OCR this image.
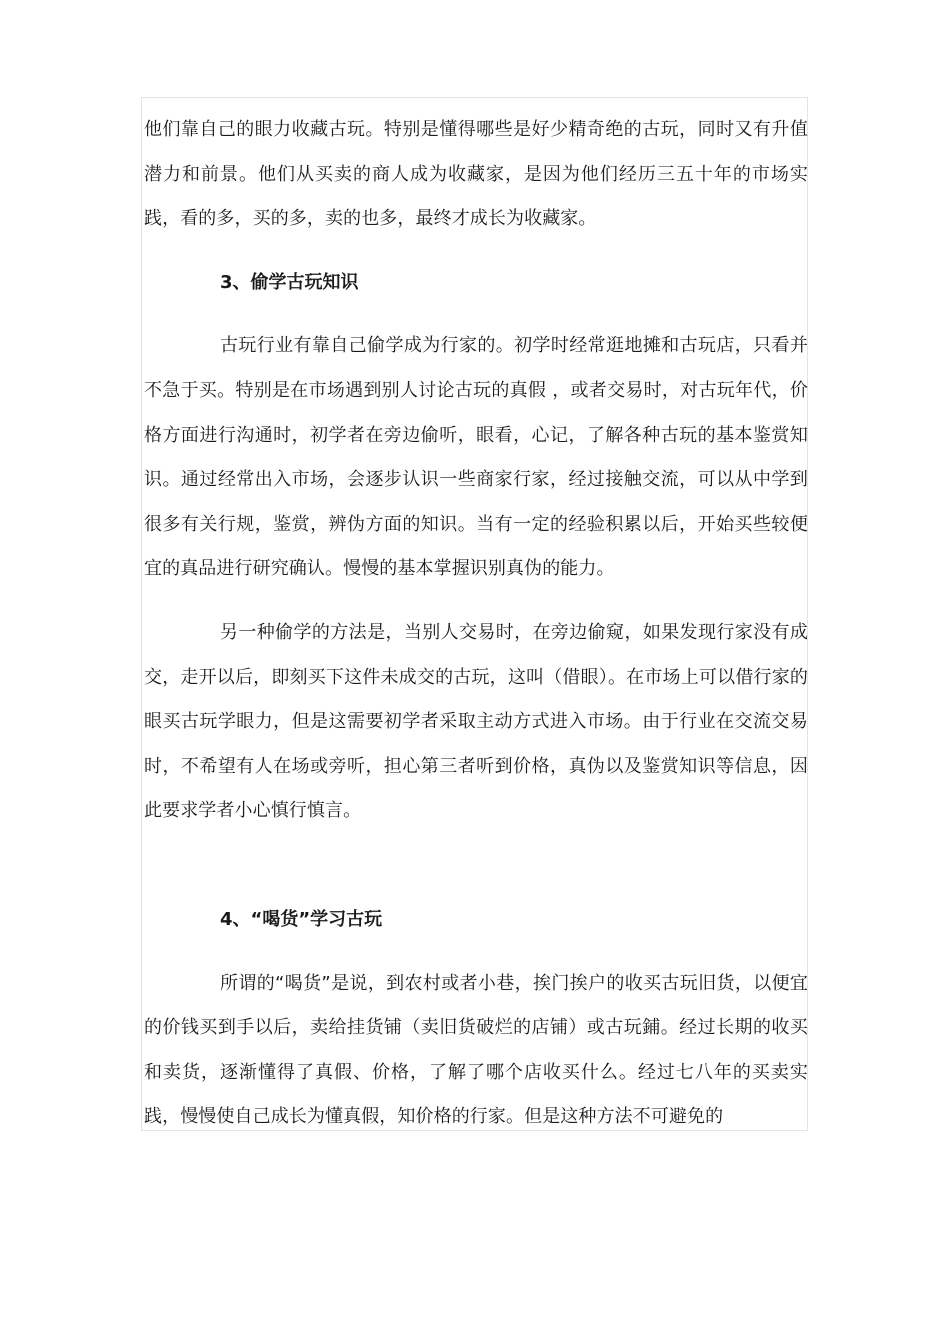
他们靠自己的眼力收藏古玩。特别是懂得哪些是好少精奇绝的古玩，同时又有升值潜力和前景。他们从买卖的商人成为收藏家，是因为他们经历三五十年的市场实践，看的多，买的多，卖的也多，最终才成长为收藏家。

3、偷学古玩知识

古玩行业有靠自己偷学成为行家的。初学时经常逛地摊和古玩店，只看并不急于买。特别是在市场遇到别人讨论古玩的真假 ，或者交易时，对古玩年代，价格方面进行沟通时，初学者在旁边偷听，眼看，心记，了解各种古玩的基本鉴赏知识。通过经常出入市场，会逐步认识一些商家行家，经过接触交流，可以从中学到很多有关行规，鉴赏，辨伪方面的知识。当有一定的经验积累以后，开始买些较便宜的真品进行研究确认。慢慢的基本掌握识别真伪的能力。

另一种偷学的方法是，当别人交易时，在旁边偷窥，如果发现行家没有成交，走开以后，即刻买下这件未成交的古玩，这叫（借眼）。在市场上可以借行家的眼买古玩学眼力，但是这需要初学者采取主动方式进入市场。由于行业在交流交易时，不希望有人在场或旁听，担心第三者听到价格，真伪以及鉴赏知识等信息，因此要求学者小心慎行慎言。

4、“喝货”学习古玩

所谓的“喝货”是说，到农村或者小巷，挨门挨户的收买古玩旧货，以便宜的价钱买到手以后，卖给挂货铺（卖旧货破烂的店铺）或古玩鋪。经过长期的收买和卖货，逐渐懂得了真假、价格，了解了哪个店收买什么。经过七八年的买卖实践，慢慢使自己成长为懂真假，知价格的行家。但是这种方法不可避免的
